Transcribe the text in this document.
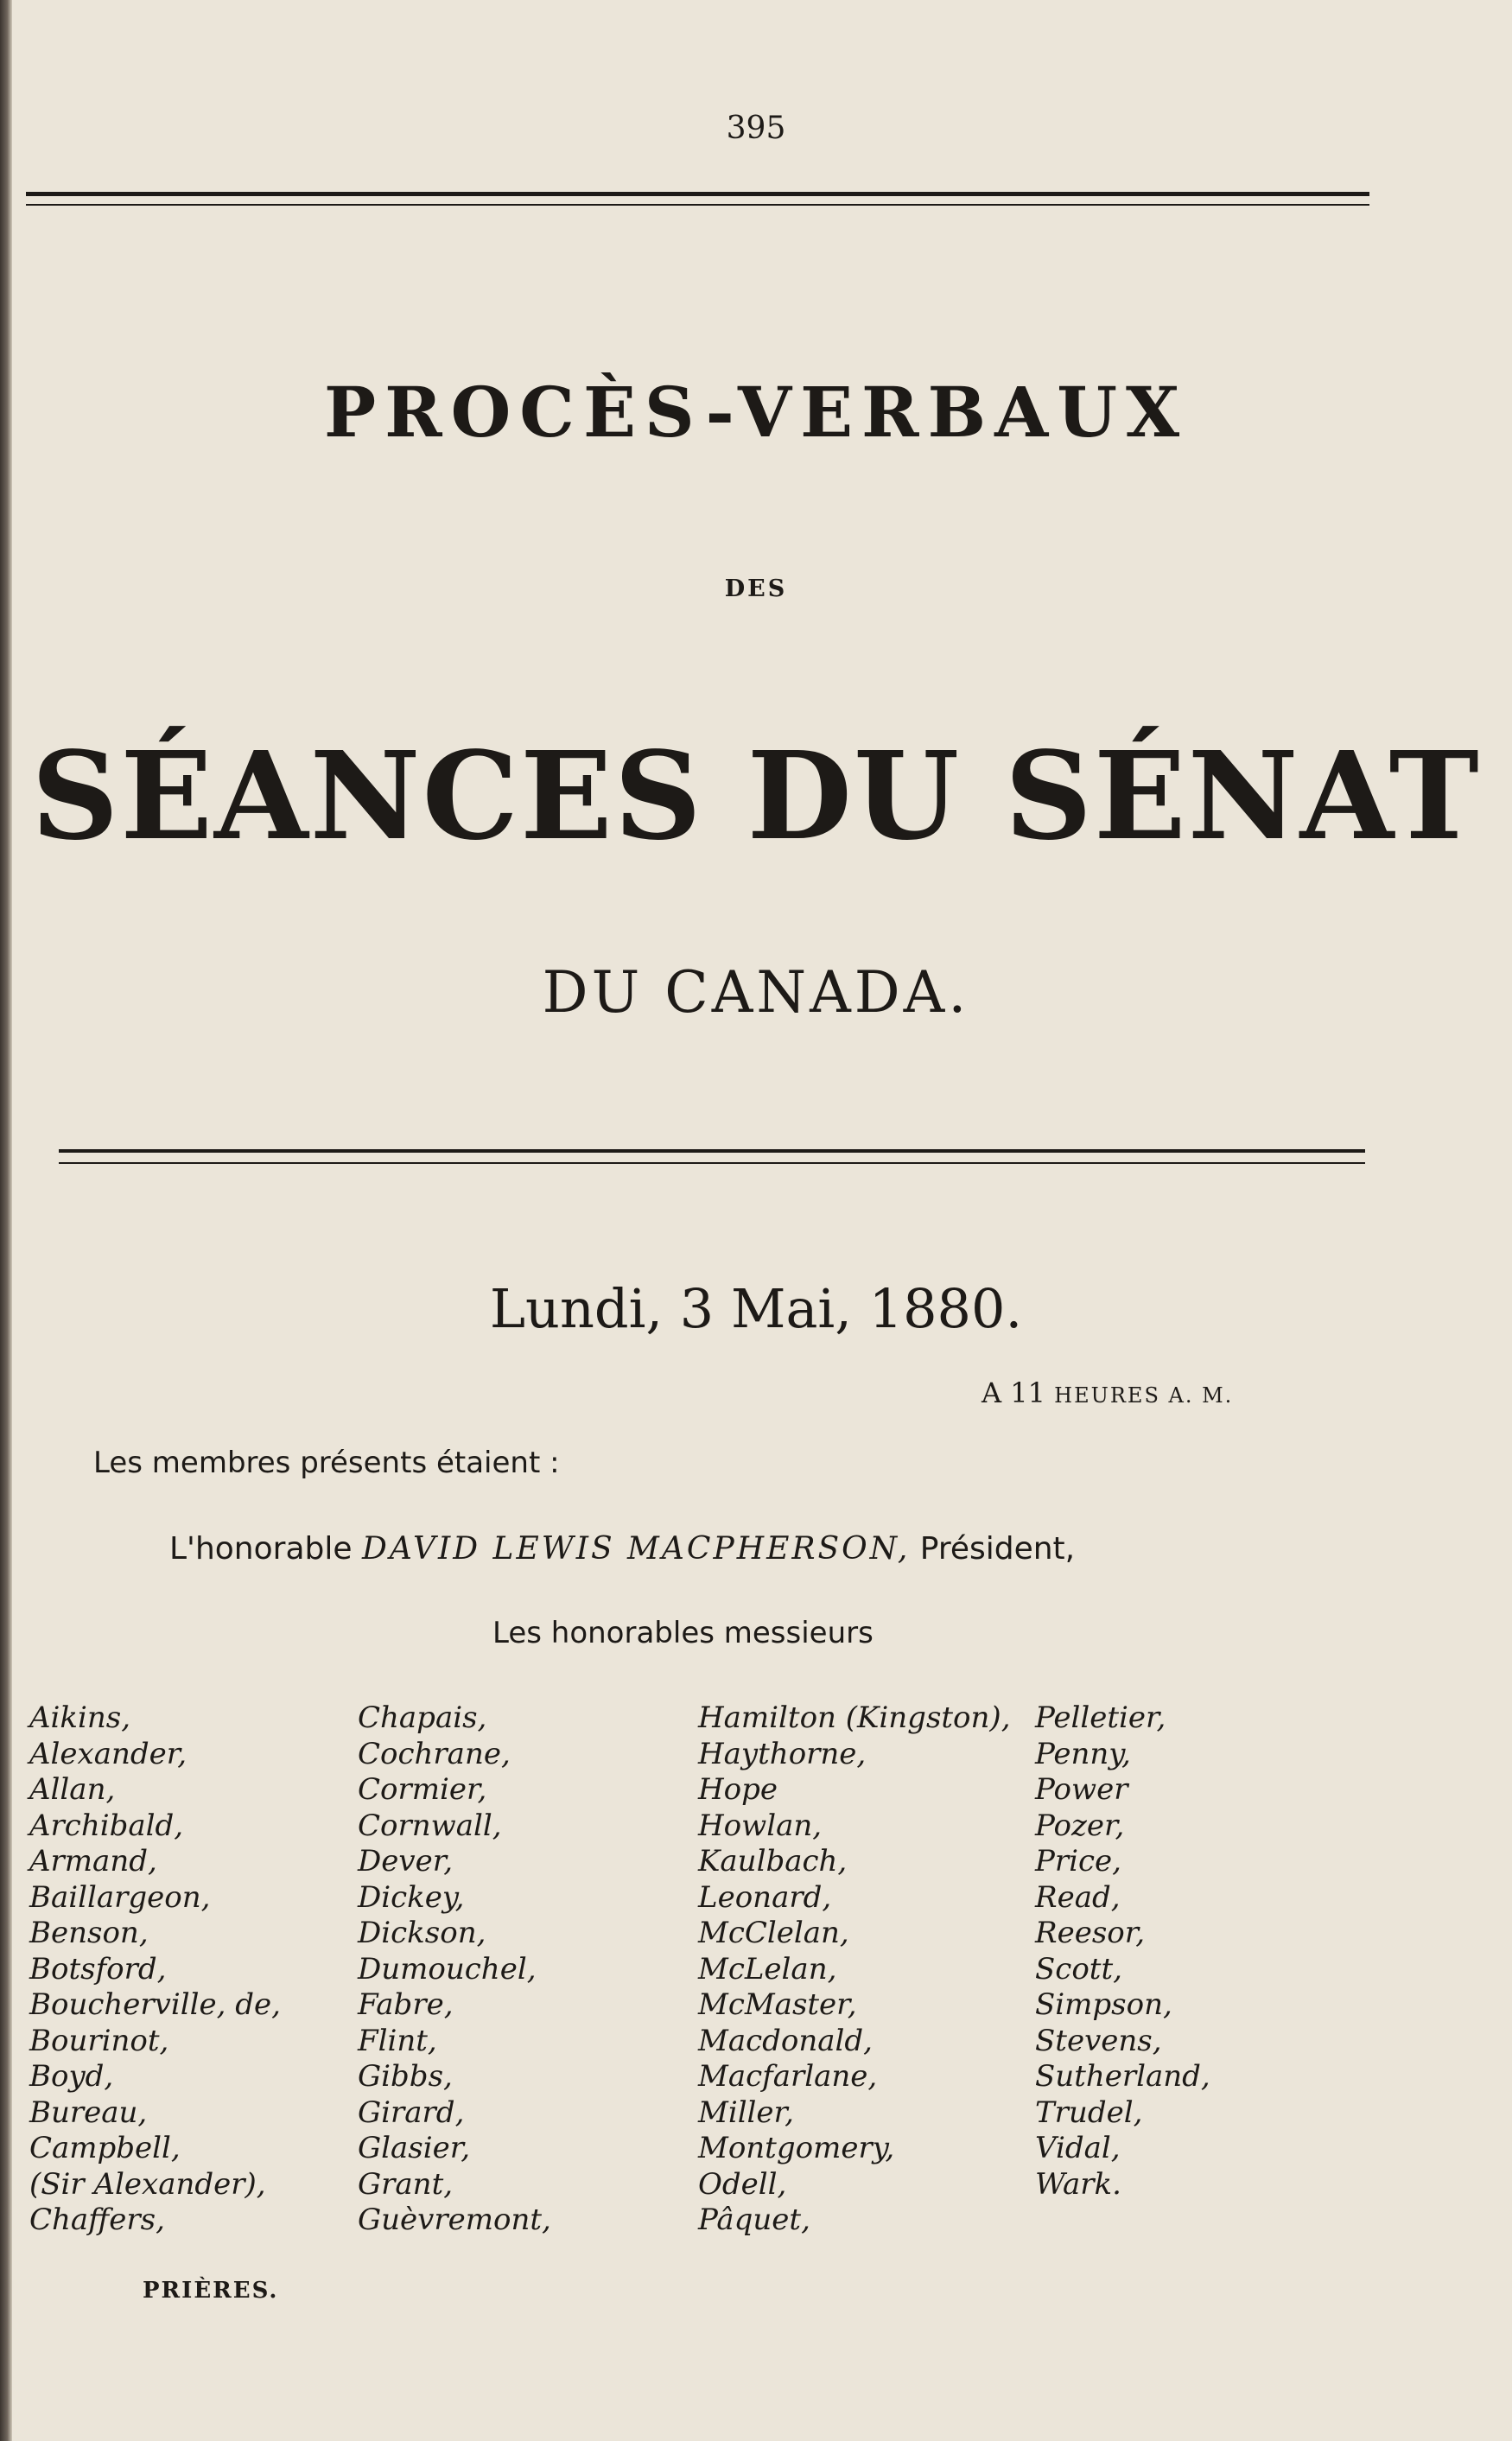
395
PROCÈS-VERBAUX
DES
SÉANCES DU SÉNAT
DU CANADA.
Lundi, 3 Mai, 1880.
A 11 HEURES A. M.
Les membres présents étaient :
L'honorable DAVID LEWIS MACPHERSON, Président,
Les honorables messieurs
Aikins,
Alexander,
Allan,
Archibald,
Armand,
Baillargeon,
Benson,
Botsford,
Boucherville, de,
Bourinot,
Boyd,
Bureau,
Campbell,
(Sir Alexander),
Chaffers,
Chapais,
Cochrane,
Cormier,
Cornwall,
Dever,
Dickey,
Dickson,
Dumouchel,
Fabre,
Flint,
Gibbs,
Girard,
Glasier,
Grant,
Guèvremont,
Hamilton (Kingston),
Haythorne,
Hope
Howlan,
Kaulbach,
Leonard,
McClelan,
McLelan,
McMaster,
Macdonald,
Macfarlane,
Miller,
Montgomery,
Odell,
Pâquet,
Pelletier,
Penny,
Power
Pozer,
Price,
Read,
Reesor,
Scott,
Simpson,
Stevens,
Sutherland,
Trudel,
Vidal,
Wark.
PRIÈRES.
